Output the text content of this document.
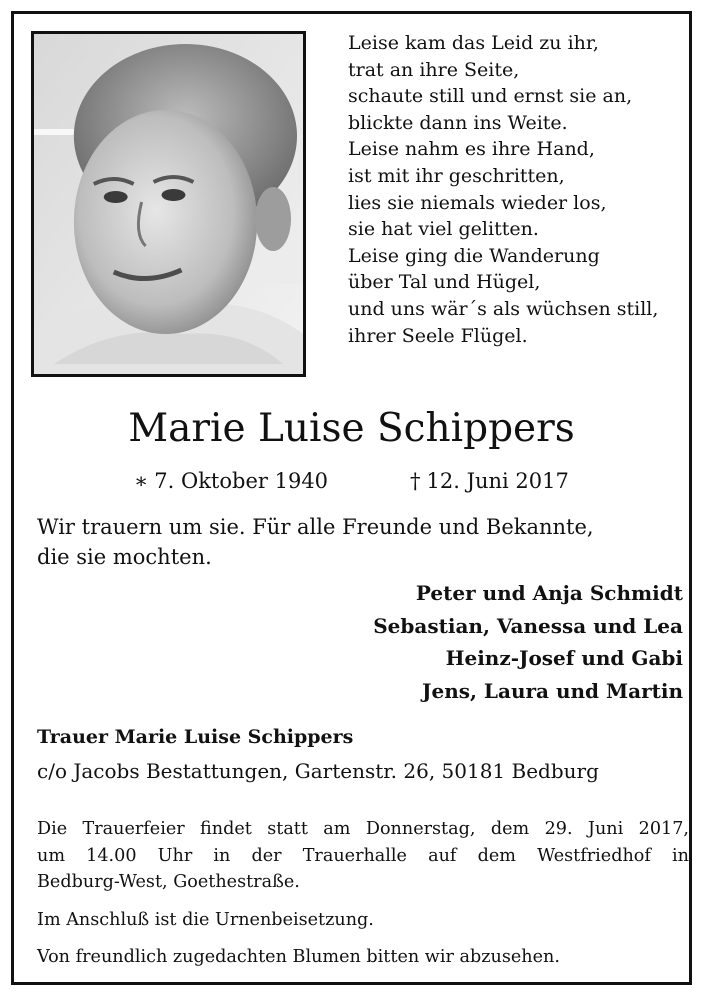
Leise kam das Leid zu ihr,
trat an ihre Seite,
schaute still und ernst sie an,
blickte dann ins Weite.
Leise nahm es ihre Hand,
ist mit ihr geschritten,
lies sie niemals wieder los,
sie hat viel gelitten.
Leise ging die Wanderung
über Tal und Hügel,
und uns wär´s als wüchsen still,
ihrer Seele Flügel.
Marie Luise Schippers
∗ 7. Oktober 1940	† 12. Juni 2017
Wir trauern um sie. Für alle Freunde und Bekannte,
die sie mochten.
Peter und Anja Schmidt
Sebastian, Vanessa und Lea
Heinz-Josef und Gabi
Jens, Laura und Martin
Trauer Marie Luise Schippers
c/o Jacobs Bestattungen, Gartenstr. 26, 50181 Bedburg
Die Trauerfeier findet statt am Donnerstag, dem 29. Juni 2017,
um 14.00 Uhr in der Trauerhalle auf dem Westfriedhof in
Bedburg-West, Goethestraße.
Im Anschluß ist die Urnenbeisetzung.
Von freundlich zugedachten Blumen bitten wir abzusehen.
